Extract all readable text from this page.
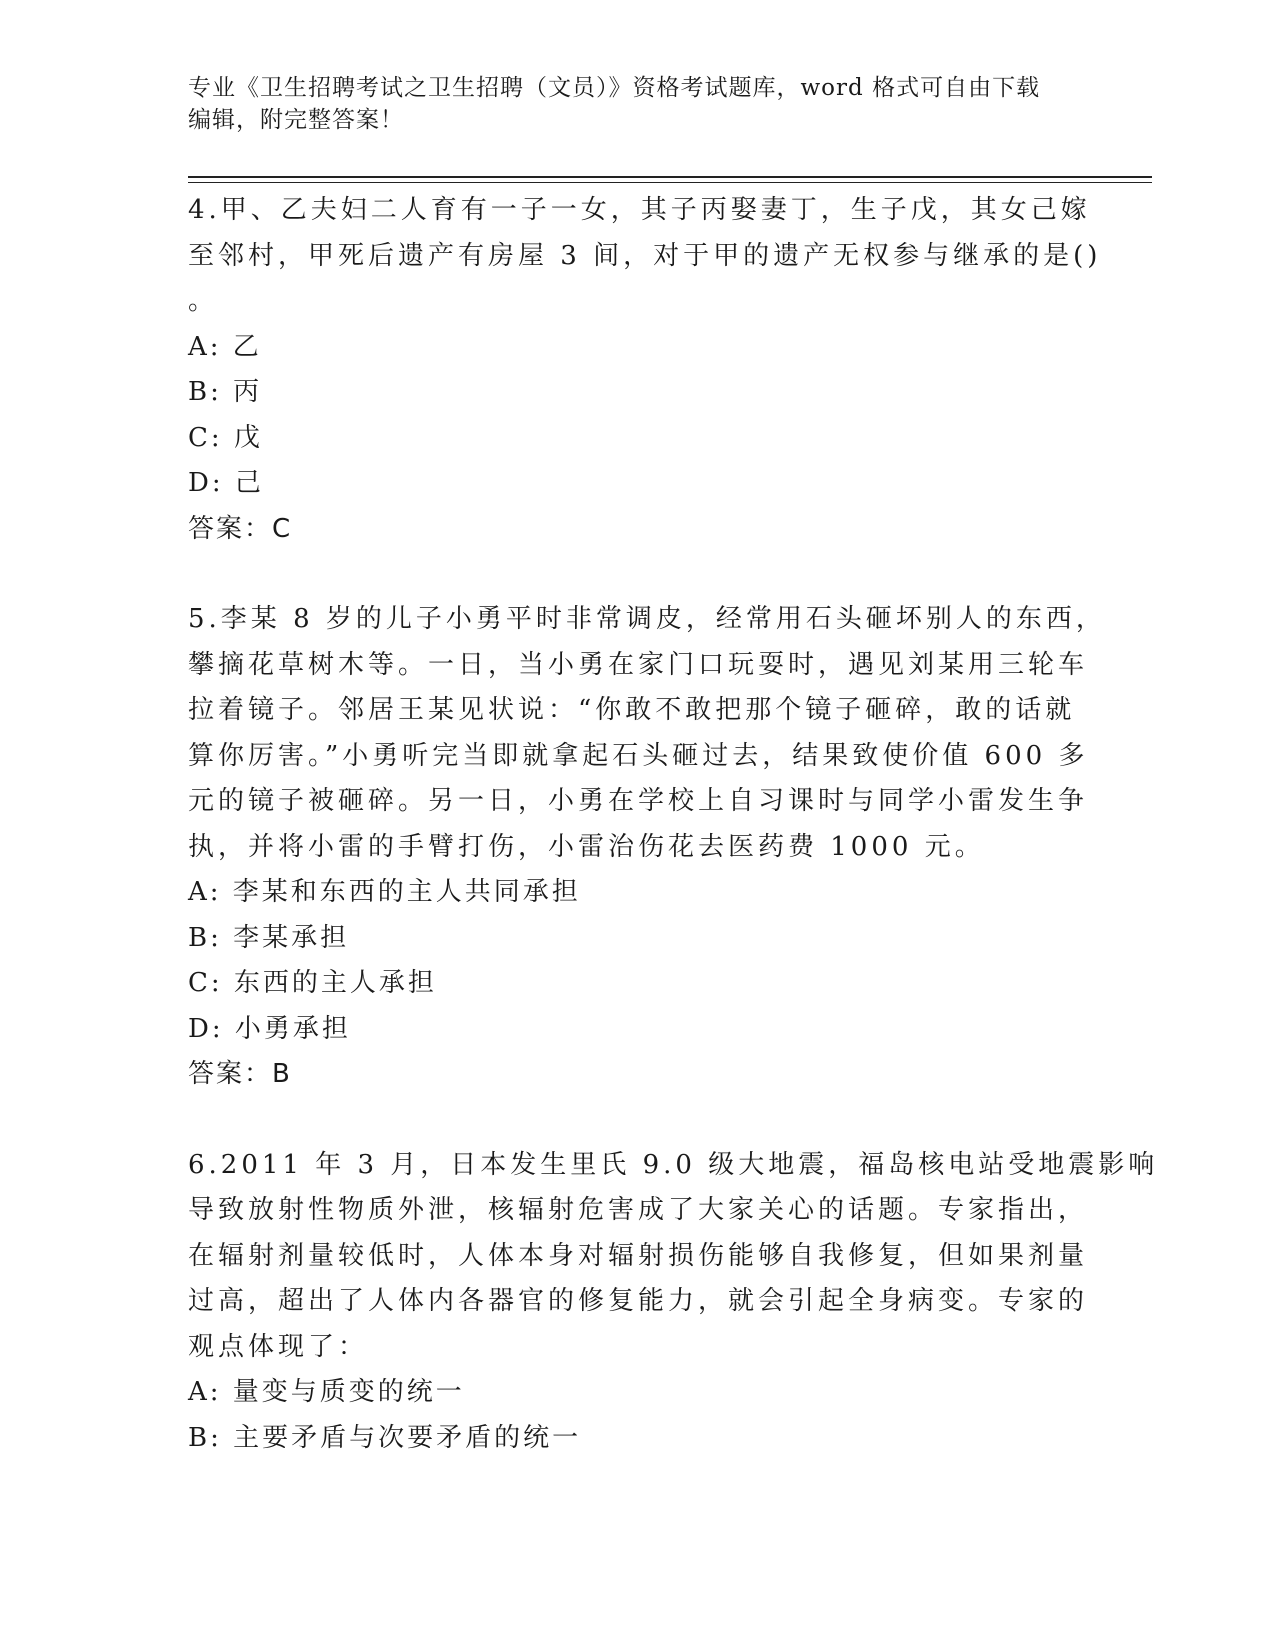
专业《卫生招聘考试之卫生招聘（文员）》资格考试题库，word 格式可自由下载
编辑，附完整答案！
4.甲、乙夫妇二人育有一子一女，其子丙娶妻丁，生子戊，其女己嫁
至邻村，甲死后遗产有房屋 3 间，对于甲的遗产无权参与继承的是()
。
A: 乙
B: 丙
C: 戊
D: 己
答案：C
5.李某 8 岁的儿子小勇平时非常调皮，经常用石头砸坏别人的东西，
攀摘花草树木等。一日，当小勇在家门口玩耍时，遇见刘某用三轮车
拉着镜子。邻居王某见状说：“你敢不敢把那个镜子砸碎，敢的话就
算你厉害。”小勇听完当即就拿起石头砸过去，结果致使价值 600 多
元的镜子被砸碎。另一日，小勇在学校上自习课时与同学小雷发生争
执，并将小雷的手臂打伤，小雷治伤花去医药费 1000 元。
A: 李某和东西的主人共同承担
B: 李某承担
C: 东西的主人承担
D: 小勇承担
答案：B
6.2011 年 3 月，日本发生里氏 9.0 级大地震，福岛核电站受地震影响
导致放射性物质外泄，核辐射危害成了大家关心的话题。专家指出，
在辐射剂量较低时，人体本身对辐射损伤能够自我修复，但如果剂量
过高，超出了人体内各器官的修复能力，就会引起全身病变。专家的
观点体现了：
A: 量变与质变的统一
B: 主要矛盾与次要矛盾的统一
